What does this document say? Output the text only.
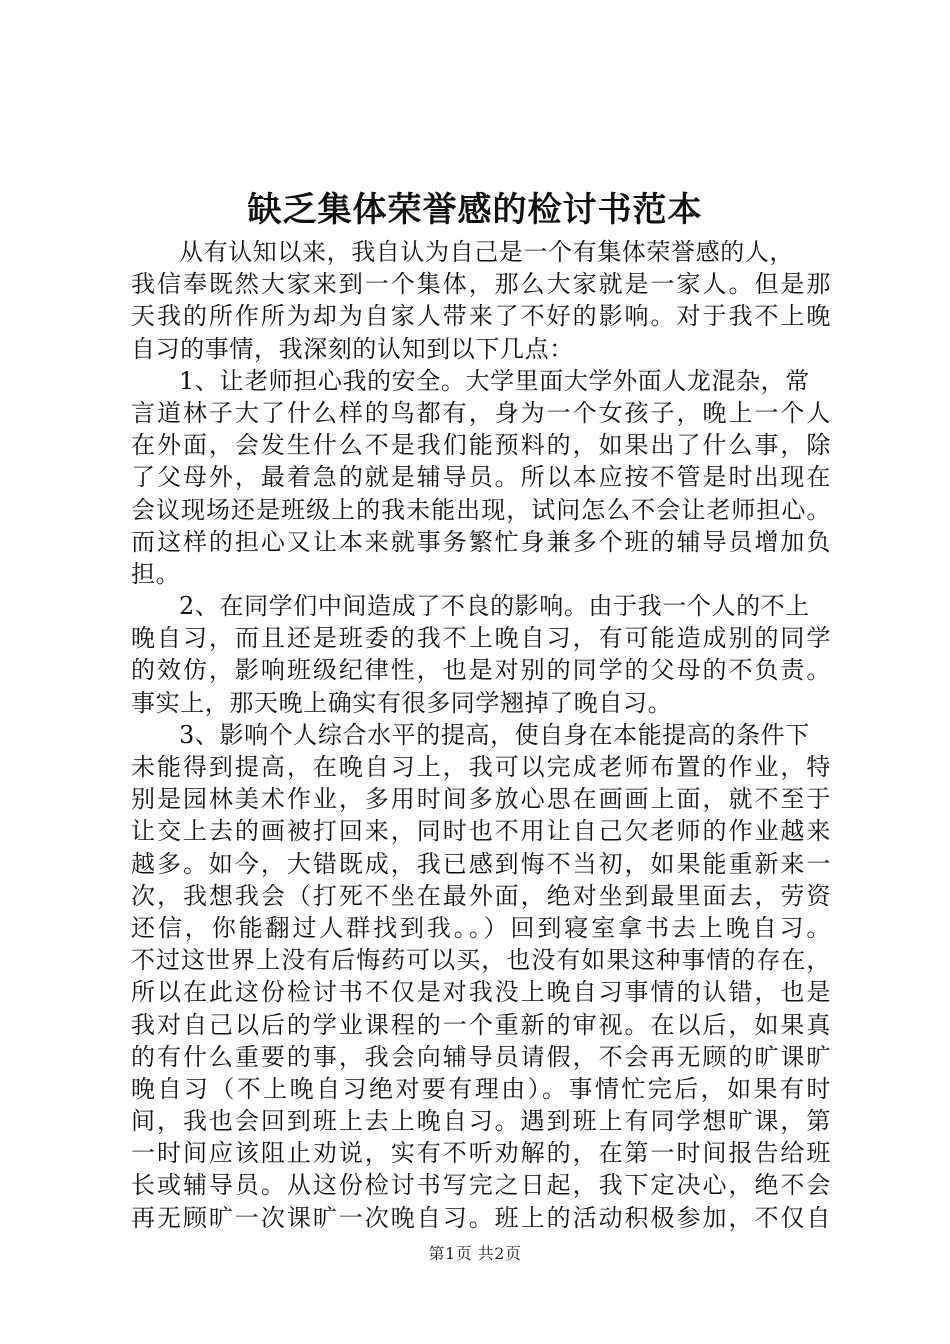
缺乏集体荣誉感的检讨书范本
从有认知以来，我自认为自己是一个有集体荣誉感的人，
我信奉既然大家来到一个集体，那么大家就是一家人。但是那
天我的所作所为却为自家人带来了不好的影响。对于我不上晚
自习的事情，我深刻的认知到以下几点：
1、让老师担心我的安全。大学里面大学外面人龙混杂，常
言道林子大了什么样的鸟都有，身为一个女孩子，晚上一个人
在外面，会发生什么不是我们能预料的，如果出了什么事，除
了父母外，最着急的就是辅导员。所以本应按不管是时出现在
会议现场还是班级上的我未能出现，试问怎么不会让老师担心。
而这样的担心又让本来就事务繁忙身兼多个班的辅导员增加负
担。
2、在同学们中间造成了不良的影响。由于我一个人的不上
晚自习，而且还是班委的我不上晚自习，有可能造成别的同学
的效仿，影响班级纪律性，也是对别的同学的父母的不负责。
事实上，那天晚上确实有很多同学翘掉了晚自习。
3、影响个人综合水平的提高，使自身在本能提高的条件下
未能得到提高，在晚自习上，我可以完成老师布置的作业，特
别是园林美术作业，多用时间多放心思在画画上面，就不至于
让交上去的画被打回来，同时也不用让自己欠老师的作业越来
越多。如今，大错既成，我已感到悔不当初，如果能重新来一
次，我想我会（打死不坐在最外面，绝对坐到最里面去，劳资
还信，你能翻过人群找到我。。）回到寝室拿书去上晚自习。
不过这世界上没有后悔药可以买，也没有如果这种事情的存在，
所以在此这份检讨书不仅是对我没上晚自习事情的认错，也是
我对自己以后的学业课程的一个重新的审视。在以后，如果真
的有什么重要的事，我会向辅导员请假，不会再无顾的旷课旷
晚自习（不上晚自习绝对要有理由）。事情忙完后，如果有时
间，我也会回到班上去上晚自习。遇到班上有同学想旷课，第
一时间应该阻止劝说，实有不听劝解的，在第一时间报告给班
长或辅导员。从这份检讨书写完之日起，我下定决心，绝不会
再无顾旷一次课旷一次晚自习。班上的活动积极参加，不仅自
第1页 共2页
